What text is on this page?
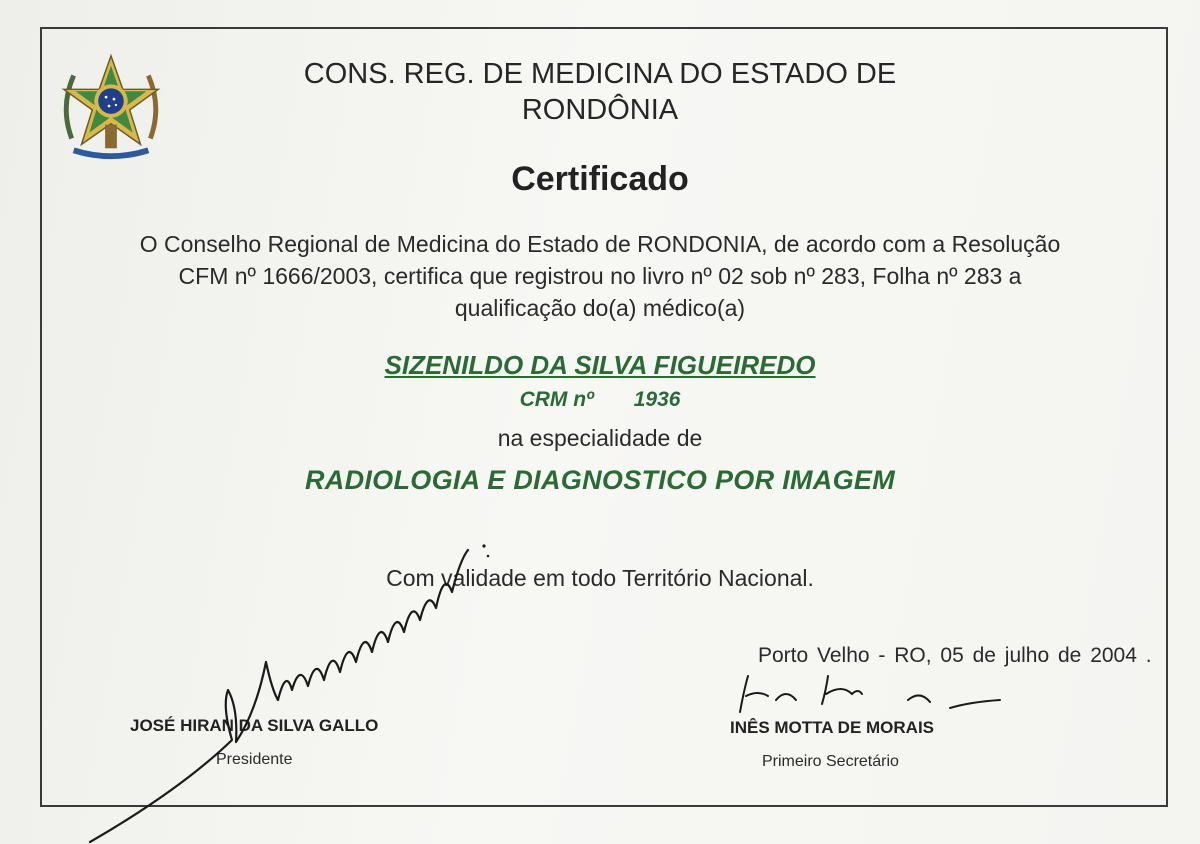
CONS. REG. DE MEDICINA DO ESTADO DE
RONDÔNIA
Certificado
O Conselho Regional de Medicina do Estado de RONDONIA, de acordo com a Resolução
CFM nº 1666/2003, certifica que registrou no livro nº 02 sob nº 283, Folha nº 283 a
qualificação do(a) médico(a)
SIZENILDO DA SILVA FIGUEIREDO
CRM nº 1936
na especialidade de
RADIOLOGIA E DIAGNOSTICO POR IMAGEM
Com validade em todo Território Nacional.
Porto Velho - RO, 05 de julho de 2004 .
JOSÉ HIRAN DA SILVA GALLO
Presidente
INÊS MOTTA DE MORAIS
Primeiro Secretário
